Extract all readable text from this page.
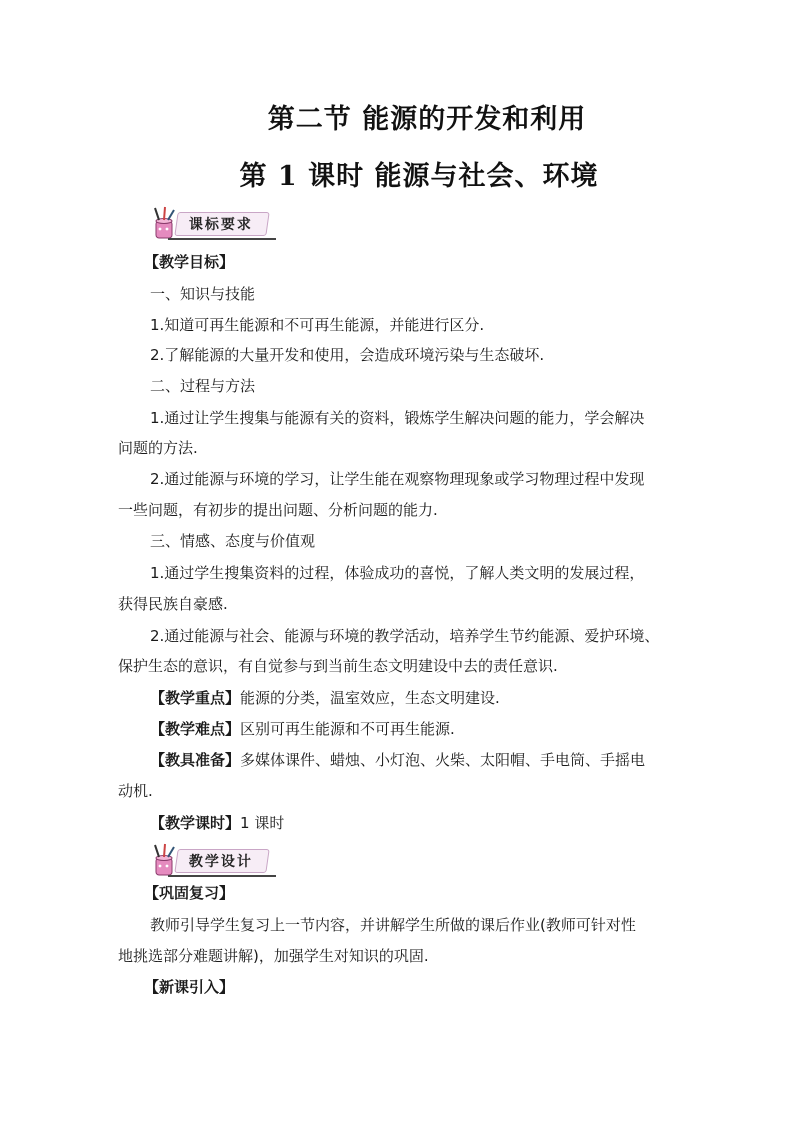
第二节 能源的开发和利用
第 1 课时 能源与社会、环境
课标要求
【教学目标】
一、知识与技能
1.知道可再生能源和不可再生能源，并能进行区分.
2.了解能源的大量开发和使用，会造成环境污染与生态破坏.
二、过程与方法
1.通过让学生搜集与能源有关的资料，锻炼学生解决问题的能力，学会解决
问题的方法.
2.通过能源与环境的学习，让学生能在观察物理现象或学习物理过程中发现
一些问题，有初步的提出问题、分析问题的能力.
三、情感、态度与价值观
1.通过学生搜集资料的过程，体验成功的喜悦，了解人类文明的发展过程，
获得民族自豪感.
2.通过能源与社会、能源与环境的教学活动，培养学生节约能源、爱护环境、
保护生态的意识，有自觉参与到当前生态文明建设中去的责任意识.
【教学重点】能源的分类，温室效应，生态文明建设.
【教学难点】区别可再生能源和不可再生能源.
【教具准备】多媒体课件、蜡烛、小灯泡、火柴、太阳帽、手电筒、手摇电
动机.
【教学课时】1 课时
教学设计
【巩固复习】
教师引导学生复习上一节内容，并讲解学生所做的课后作业(教师可针对性
地挑选部分难题讲解)，加强学生对知识的巩固.
【新课引入】
